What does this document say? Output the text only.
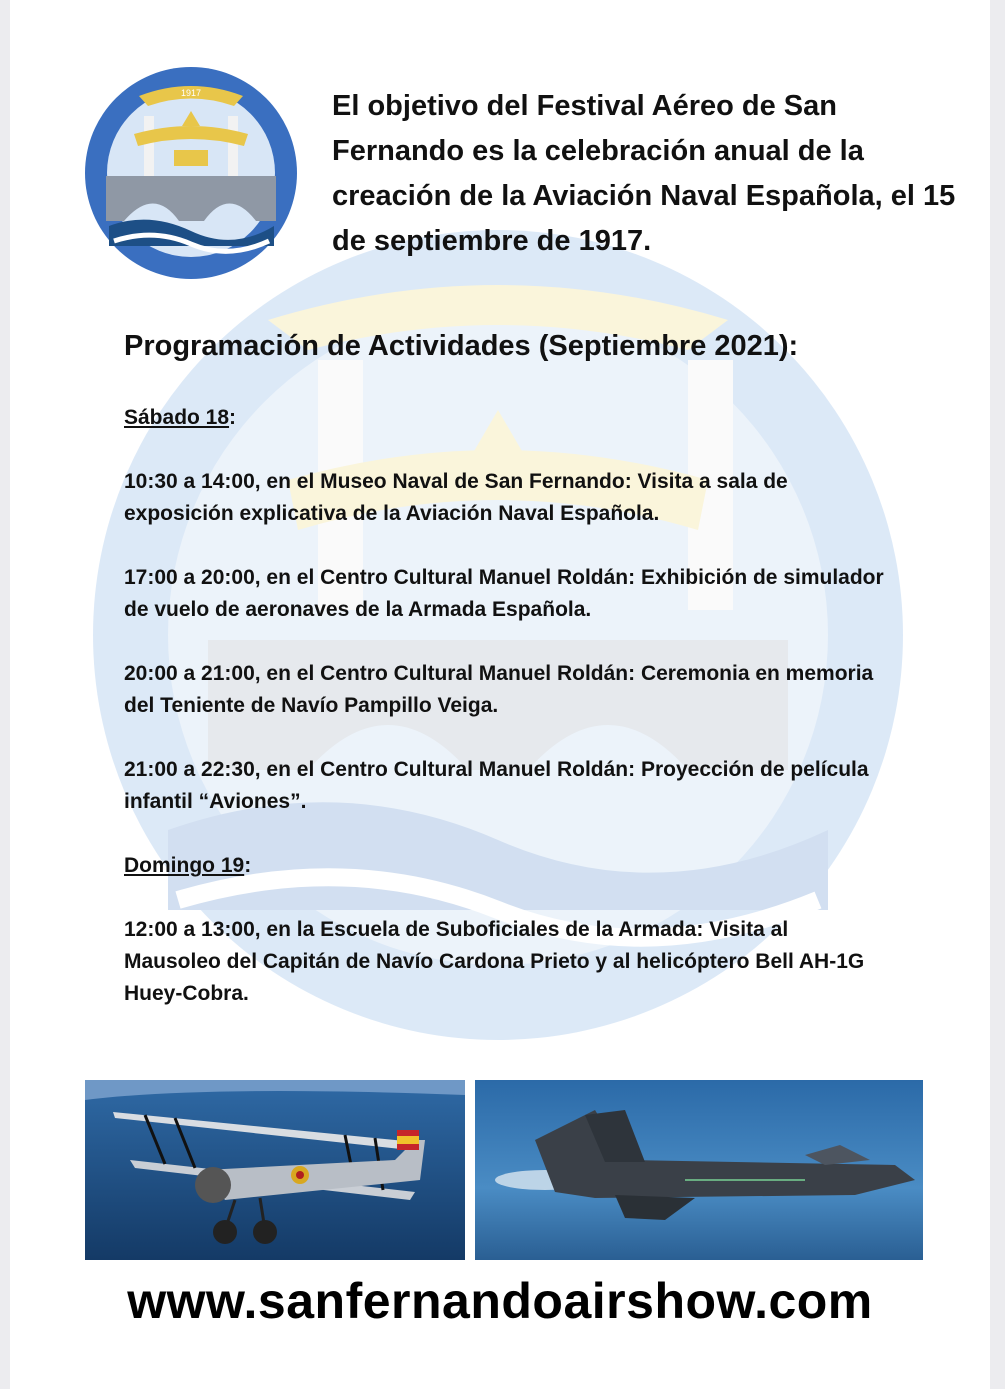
1917	El objetivo del Festival Aéreo de San Fernando es la celebración anual de la creación de la Aviación Naval Española, el 15 de septiembre de 1917.

Programación de Actividades (Septiembre 2021):
Sábado 18:

10:30 a 14:00, en el Museo Naval de San Fernando: Visita a sala de exposición explicativa de la Aviación Naval Española.

17:00 a 20:00, en el Centro Cultural Manuel Roldán: Exhibición de simulador de vuelo de aeronaves de la Armada Española.

20:00 a 21:00, en el Centro Cultural Manuel Roldán: Ceremonia en memoria del Teniente de Navío Pampillo Veiga.

21:00 a 22:30, en el Centro Cultural Manuel Roldán: Proyección de película infantil “Aviones”.

Domingo 19:

12:00 a 13:00, en la Escuela de Suboficiales de la Armada: Visita al Mausoleo del Capitán de Navío Cardona Prieto y al helicóptero Bell AH-1G Huey-Cobra.

www.sanfernandoairshow.com
